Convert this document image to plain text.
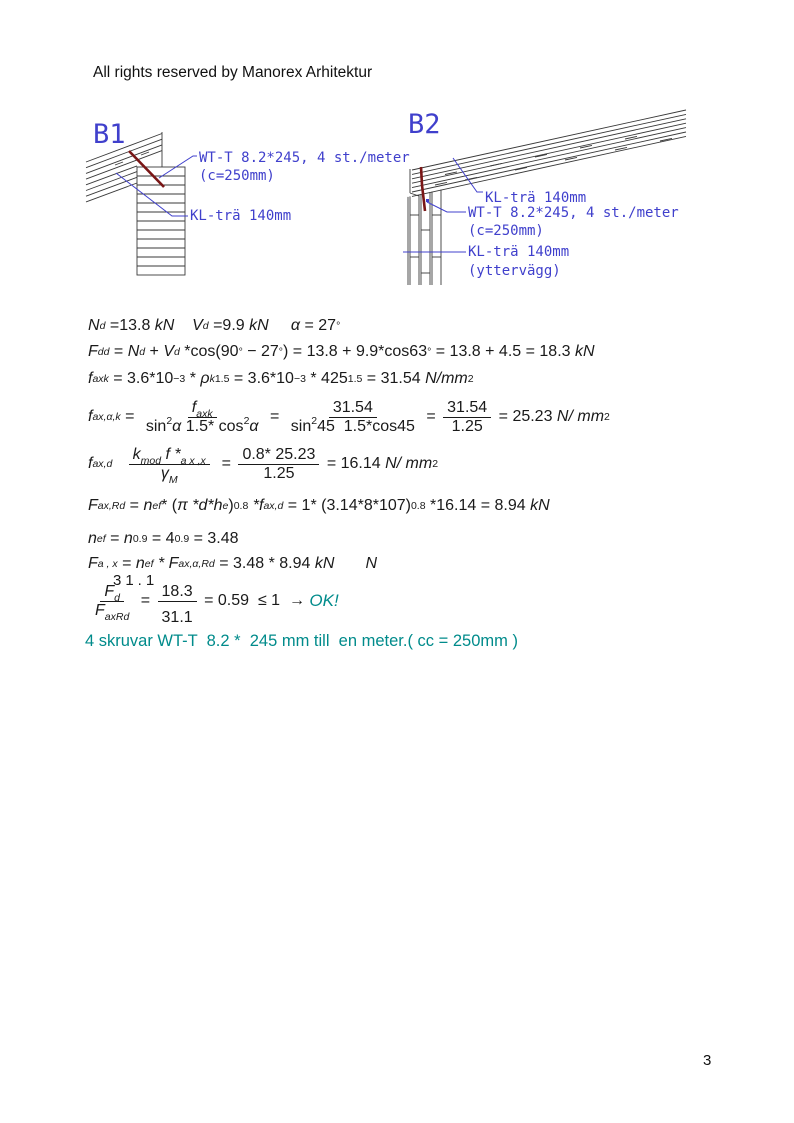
All rights reserved by Manorex Arhitektur
B1
WT-T 8.2*245, 4 st./meter
(c=250mm)
KL-trä 140mm
B2
KL-trä 140mm
WT-T 8.2*245, 4 st./meter
(c=250mm)
KL-trä 140mm
(yttervägg)
N d =13.8 kN
V d =9.9 kN
α = 27 °
F dd = N d + V d *cos(90 ° − 27 ° ) = 13.8 + 9.9*cos63 ° = 13.8 + 4.5 = 18.3 kN
f axk = 3.6*10 −3 * ρ k 1.5 = 3.6*10 −3 * 425 1.5 = 31.54 N/mm 2
f $ax,\alpha,k = \frac{f_{axk}}{\sin^2\alpha 1.5* \cos^2\alpha} = \frac{31.54}{\sin^245 1.5*\cos 45} = \frac{31.54}{1.25} = 25.23$ N/ mm 2
f ax,d
$\frac{k_{mod} f *_{a x ,x}}{\gamma_M} = \frac{0.8* 25.23}{1.25} = 16.14$ N/ mm 2
F ax,Rd = n ef * ( π *d*h e ) 0.8 *f ax,d = 1* (3.14*8*107) 0.8 *16.14 = 8.94 kN
n ef = n 0.9 = 4 0.9 = 3.48
F a , x = n ef * F ax,α,Rd = 3.48 * 8.94 kN
N
31.1
$\frac{F_d}{F_{axRd}} = \frac{18.3}{31.1} = 0.59 \le 1$ → OK!
4 skruvar WT-T  8.2 *  245 mm till  en meter.( cc = 250mm )
3
